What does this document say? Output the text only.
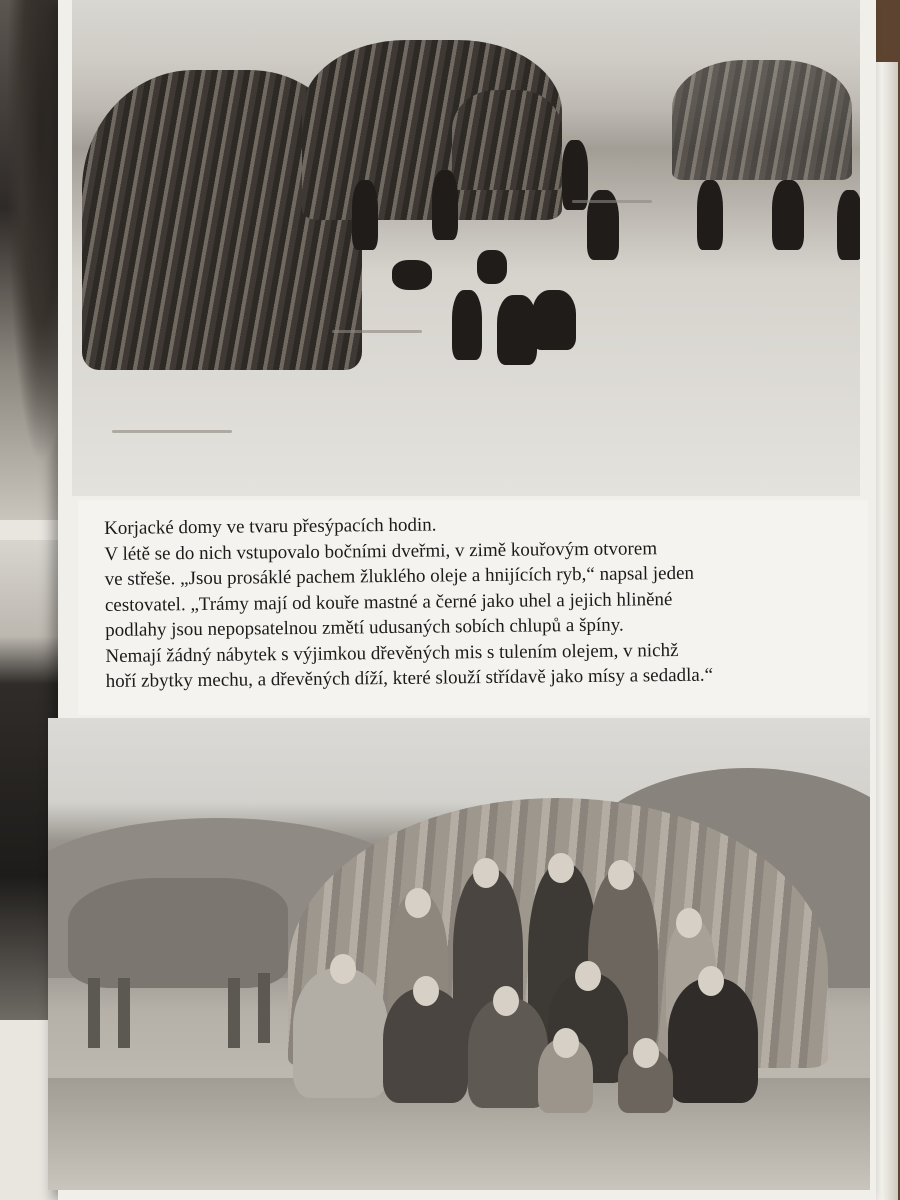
Korjacké domy ve tvaru přesýpacích hodin.

V létě se do nich vstupovalo bočními dveřmi, v zimě kouřovým otvorem

ve střeše. „Jsou prosáklé pachem žluklého oleje a hnijících ryb,“ napsal jeden

cestovatel. „Trámy mají od kouře mastné a černé jako uhel a jejich hliněné

podlahy jsou nepopsatelnou změtí udusaných sobích chlupů a špíny.

Nemají žádný nábytek s výjimkou dřevěných mis s tulením olejem, v nichž

hoří zbytky mechu, a dřevěných díží, které slouží střídavě jako mísy a sedadla.“
